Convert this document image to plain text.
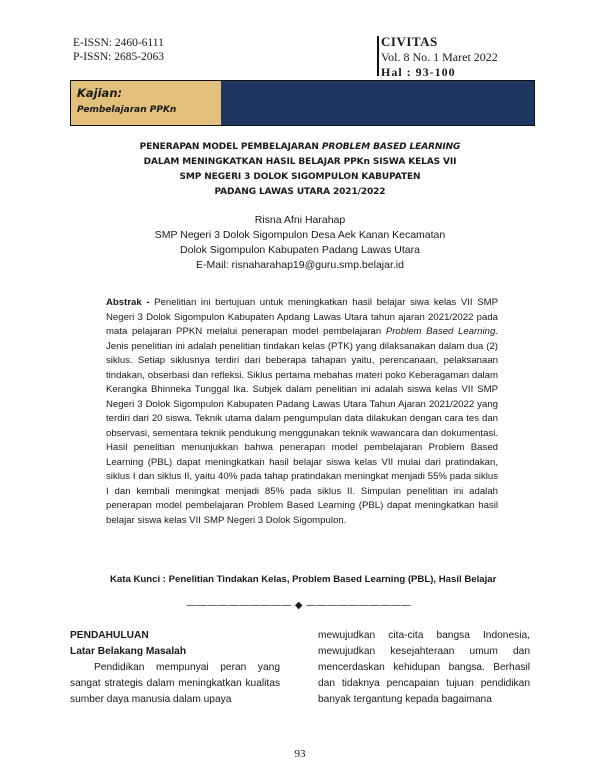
E-ISSN: 2460-6111
P-ISSN: 2685-2063
CIVITAS
Vol. 8 No. 1 Maret 2022
Hal : 93-100
Kajian:
Pembelajaran PPKn
PENERAPAN MODEL PEMBELAJARAN PROBLEM BASED LEARNING
DALAM MENINGKATKAN HASIL BELAJAR PPKn SISWA KELAS VII
SMP NEGERI 3 DOLOK SIGOMPULON KABUPATEN
PADANG LAWAS UTARA 2021/2022
Risna Afni Harahap
SMP Negeri 3 Dolok Sigompulon Desa Aek Kanan Kecamatan
Dolok Sigompulon Kabupaten Padang Lawas Utara
E-Mail: risnaharahap19@guru.smp.belajar.id
Abstrak - Penelitian ini bertujuan untuk meningkatkan hasil belajar siwa kelas VII SMP Negeri 3 Dolok Sigompulon Kabupaten Apdang Lawas Utara tahun ajaran 2021/2022 pada mata pelajaran PPKN melalui penerapan model pembelajaran Problem Based Learning. Jenis penelitian ini adalah penelitian tindakan kelas (PTK) yang dilaksanakan dalam dua (2) siklus. Setiap siklusnya terdiri dari beberapa tahapan yaitu, perencanaan, pelaksanaan tindakan, obserbasi dan refleksi. Siklus pertama mebahas materi poko Keberagaman dalam Kerangka Bhinneka Tunggal Ika. Subjek dalam penelitian ini adalah siswa kelas VII SMP Negeri 3 Dolok Sigompulon Kabupaten Padang Lawas Utara Tahun Ajaran 2021/2022 yang terdiri dari 20 siswa. Teknik utama dalam pengumpulan data dilakukan dengan cara tes dan observasi, sementara teknik pendukung menggunakan teknik wawancara dan dokumentasi. Hasil penelitian menunjukkan bahwa penerapan model pembelajaran Problem Based Learning (PBL) dapat meningkatkan hasil belajar siswa kelas VII mulai dari pratindakan, siklus I dan siklus II, yaitu 40% pada tahap pratindakan meningkat menjadi 55% pada siklus I dan kembali meningkat menjadi 85% pada siklus II. Simpulan penelitian ini adalah penerapan model pembelajaran Problem Based Learning (PBL) dapat meningkatkan hasil belajar siswa kelas VII SMP Negeri 3 Dolok Sigompulon.
Kata Kunci : Penelitian Tindakan Kelas, Problem Based Learning (PBL), Hasil Belajar
—————————— ◆ ——————————
PENDAHULUAN
Latar Belakang Masalah
Pendidikan mempunyai peran yang sangat strategis dalam meningkatkan kualitas sumber daya manusia dalam upaya
mewujudkan cita-cita bangsa Indonesia, mewujudkan kesejahteraan umum dan mencerdaskan kehidupan bangsa. Berhasil dan tidaknya pencapaian tujuan pendidikan banyak tergantung kepada bagaimana
93
